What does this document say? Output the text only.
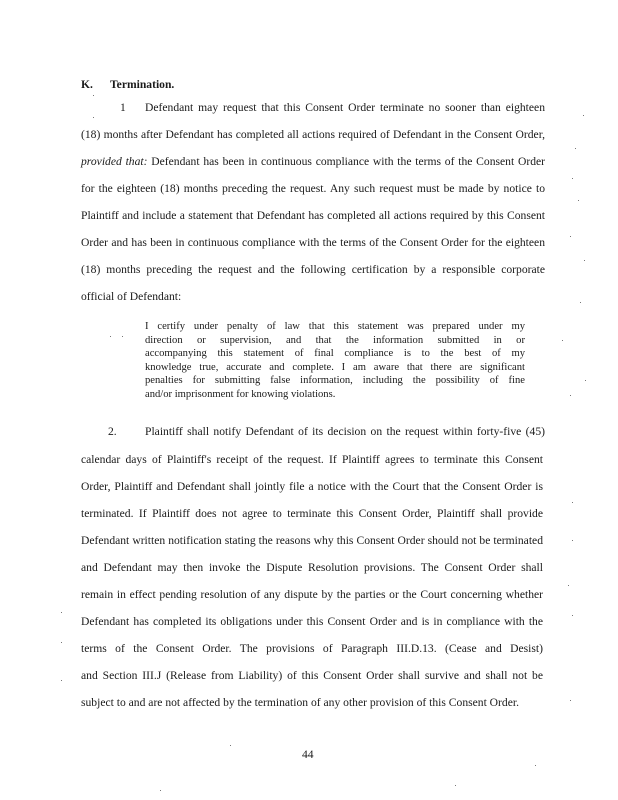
K. Termination.
1 Defendant may request that this Consent Order terminate no sooner than eighteen
(18) months after Defendant has completed all actions required of Defendant in the Consent Order,
provided that: Defendant has been in continuous compliance with the terms of the Consent Order
for the eighteen (18) months preceding the request. Any such request must be made by notice to
Plaintiff and include a statement that Defendant has completed all actions required by this Consent
Order and has been in continuous compliance with the terms of the Consent Order for the eighteen
(18) months preceding the request and the following certification by a responsible corporate
official of Defendant:
I certify under penalty of law that this statement was prepared under my
direction or supervision, and that the information submitted in or
accompanying this statement of final compliance is to the best of my
knowledge true, accurate and complete. I am aware that there are significant
penalties for submitting false information, including the possibility of fine
and/or imprisonment for knowing violations.
2. Plaintiff shall notify Defendant of its decision on the request within forty-five (45)
calendar days of Plaintiff's receipt of the request. If Plaintiff agrees to terminate this Consent
Order, Plaintiff and Defendant shall jointly file a notice with the Court that the Consent Order is
terminated. If Plaintiff does not agree to terminate this Consent Order, Plaintiff shall provide
Defendant written notification stating the reasons why this Consent Order should not be terminated
and Defendant may then invoke the Dispute Resolution provisions. The Consent Order shall
remain in effect pending resolution of any dispute by the parties or the Court concerning whether
Defendant has completed its obligations under this Consent Order and is in compliance with the
terms of the Consent Order. The provisions of Paragraph III.D.13. (Cease and Desist)
and Section III.J (Release from Liability) of this Consent Order shall survive and shall not be
subject to and are not affected by the termination of any other provision of this Consent Order.
44
